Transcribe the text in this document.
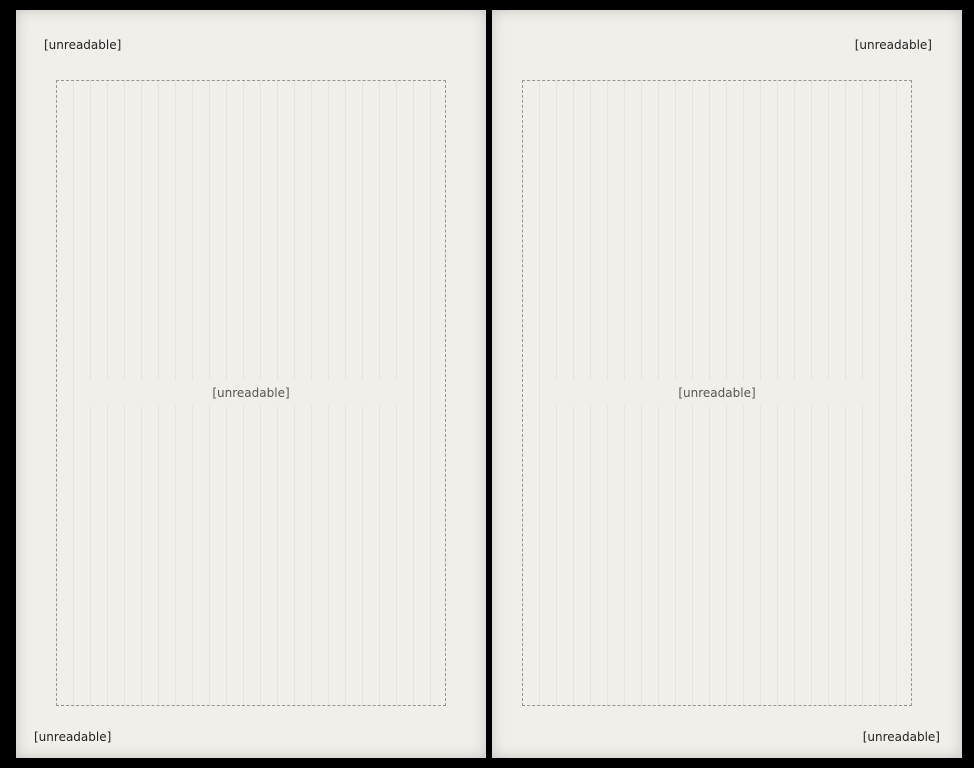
[unreadable]
[unreadable]
[unreadable]
[unreadable]
[unreadable]
[unreadable]
